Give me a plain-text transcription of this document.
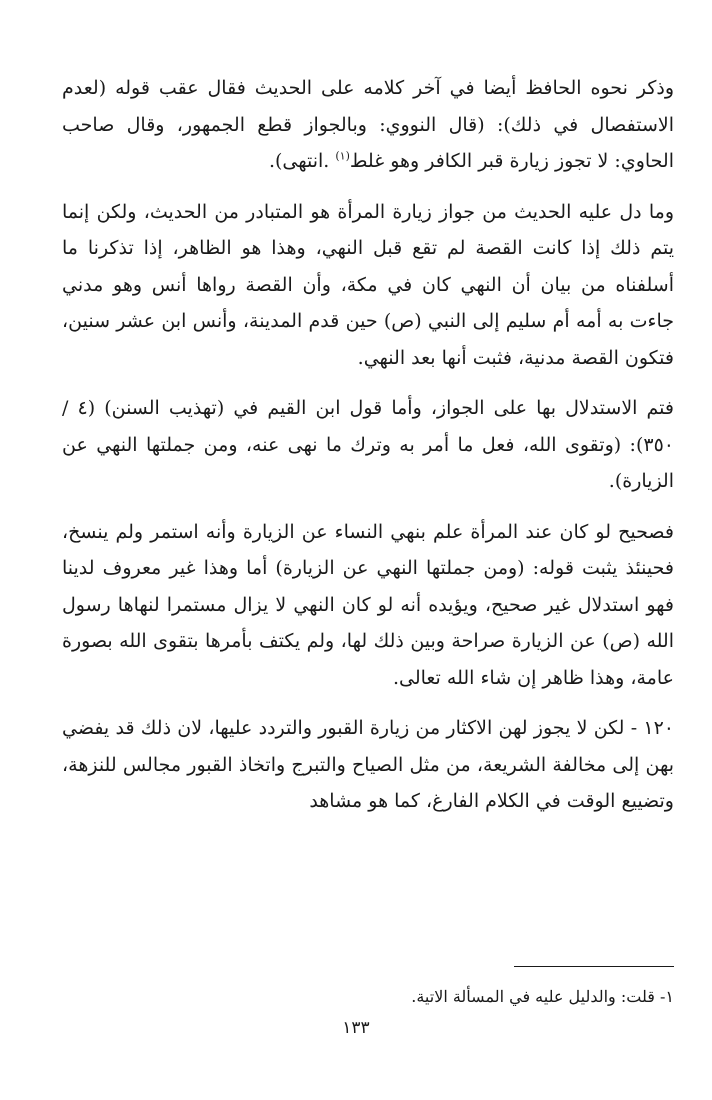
وذكر نحوه الحافظ أيضا في آخر كلامه على الحديث فقال عقب قوله (لعدم الاستفصال في ذلك): (قال النووي: وبالجواز قطع الجمهور، وقال صاحب الحاوي: لا تجوز زيارة قبر الكافر وهو غلط$^{(١)}$ .انتهى).

وما دل عليه الحديث من جواز زيارة المرأة هو المتبادر من الحديث، ولكن إنما يتم ذلك إذا كانت القصة لم تقع قبل النهي، وهذا هو الظاهر، إذا تذكرنا ما أسلفناه من بيان أن النهي كان في مكة، وأن القصة رواها أنس وهو مدني جاءت به أمه أم سليم إلى النبي (ص) حين قدم المدينة، وأنس ابن عشر سنين، فتكون القصة مدنية، فثبت أنها بعد النهي.

فتم الاستدلال بها على الجواز، وأما قول ابن القيم في (تهذيب السنن) (٤ / ٣٥٠): (وتقوى الله، فعل ما أمر به وترك ما نهى عنه، ومن جملتها النهي عن الزيارة).

فصحيح لو كان عند المرأة علم بنهي النساء عن الزيارة وأنه استمر ولم ينسخ، فحينئذ يثبت قوله: (ومن جملتها النهي عن الزيارة) أما وهذا غير معروف لدينا فهو استدلال غير صحيح، ويؤيده أنه لو كان النهي لا يزال مستمرا لنهاها رسول الله (ص) عن الزيارة صراحة وبين ذلك لها، ولم يكتف بأمرها بتقوى الله بصورة عامة، وهذا ظاهر إن شاء الله تعالى.

١٢٠ - لكن لا يجوز لهن الاكثار من زيارة القبور والتردد عليها، لان ذلك قد يفضي بهن إلى مخالفة الشريعة، من مثل الصياح والتبرج واتخاذ القبور مجالس للنزهة، وتضييع الوقت في الكلام الفارغ، كما هو مشاهد

١- قلت: والدليل عليه في المسألة الاتية.
١٣٣
